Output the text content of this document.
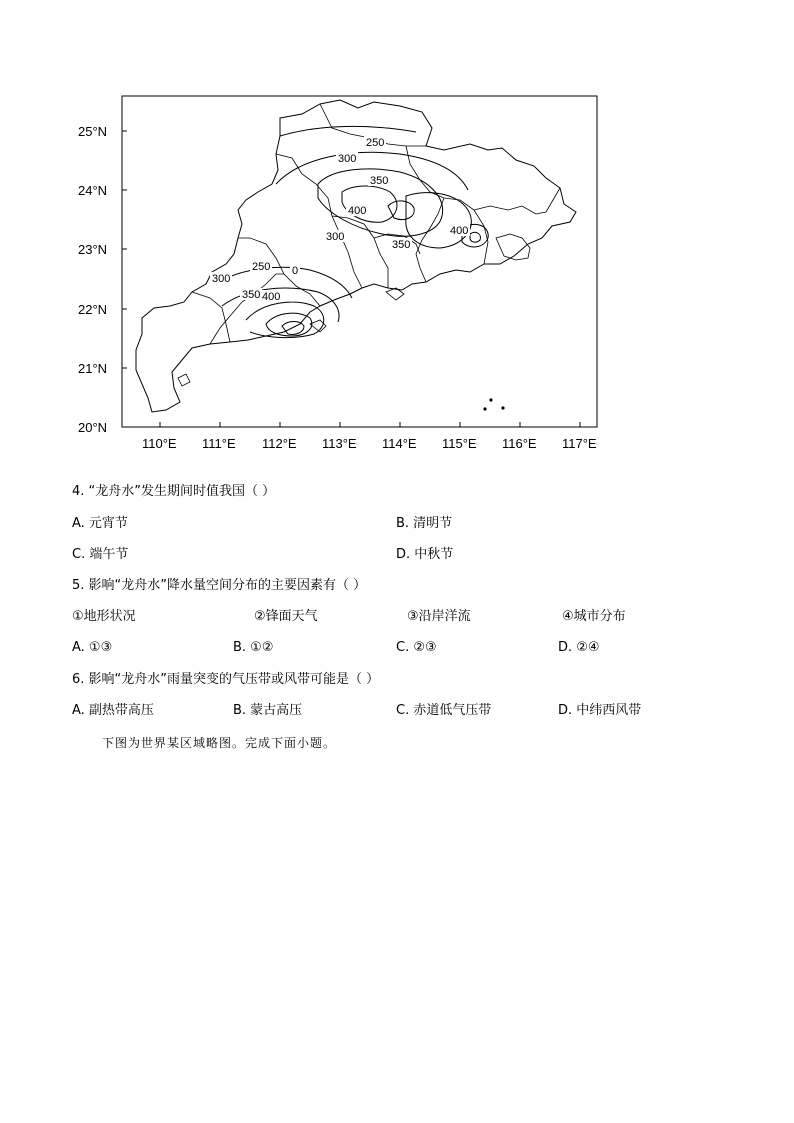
25°N
24°N
23°N
22°N
21°N
20°N
110°E 111°E 112°E 113°E 114°E 115°E 116°E 117°E
250
300
350
400
300
350
400
250
300
350 400
0
4. “龙舟水”发生期间时值我国（ ）
A. 元宵节	B. 清明节
C. 端午节	D. 中秋节
5. 影响“龙舟水”降水量空间分布的主要因素有（ ）
①地形状况	②锋面天气	③沿岸洋流	④城市分布
A. ①③	B. ①②	C. ②③	D. ②④
6. 影响“龙舟水”雨量突变的气压带或风带可能是（ ）
A. 副热带高压	B. 蒙古高压	C. 赤道低气压带	D. 中纬西风带
下图为世界某区域略图。完成下面小题。
